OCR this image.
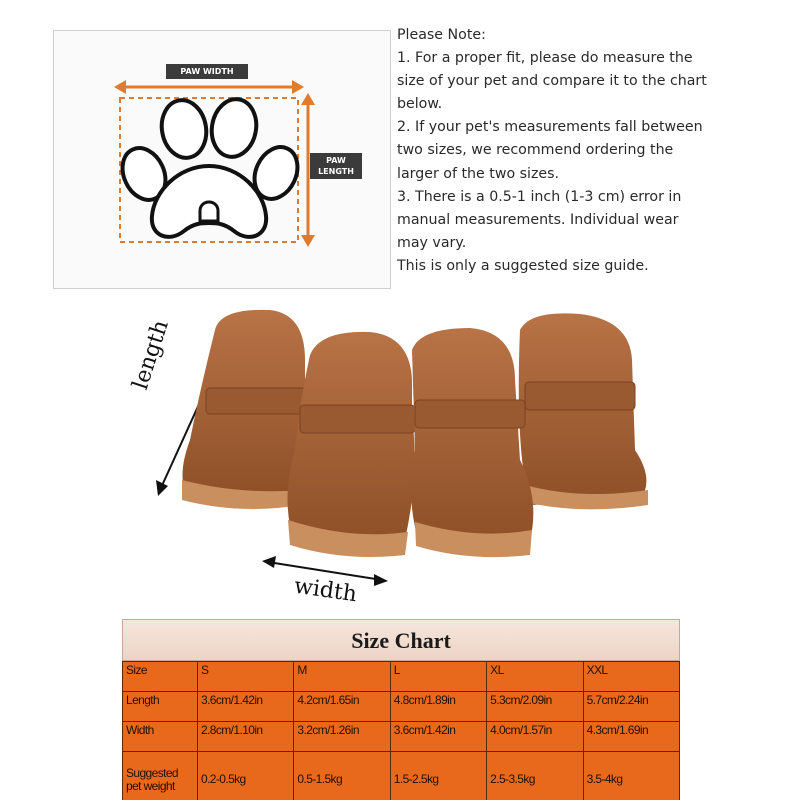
PAW WIDTH
PAW
LENGTH

Please Note:

1. For a proper fit, please do measure the

size of your pet and compare it to the chart

below.

2. If your pet's measurements fall between

two sizes, we recommend ordering the

larger of the two sizes.

3. There is a 0.5-1 inch (1-3 cm) error in

manual measurements. Individual wear

may vary.

This is only a suggested size guide.

length
width
Size Chart
Size	S	M	L	XL	XXL
Length	3.6cm/1.42in	4.2cm/1.65in	4.8cm/1.89in	5.3cm/2.09in	5.7cm/2.24in
Width	2.8cm/1.10in	3.2cm/1.26in	3.6cm/1.42in	4.0cm/1.57in	4.3cm/1.69in
Suggested pet weight	0.2-0.5kg	0.5-1.5kg	1.5-2.5kg	2.5-3.5kg	3.5-4kg
